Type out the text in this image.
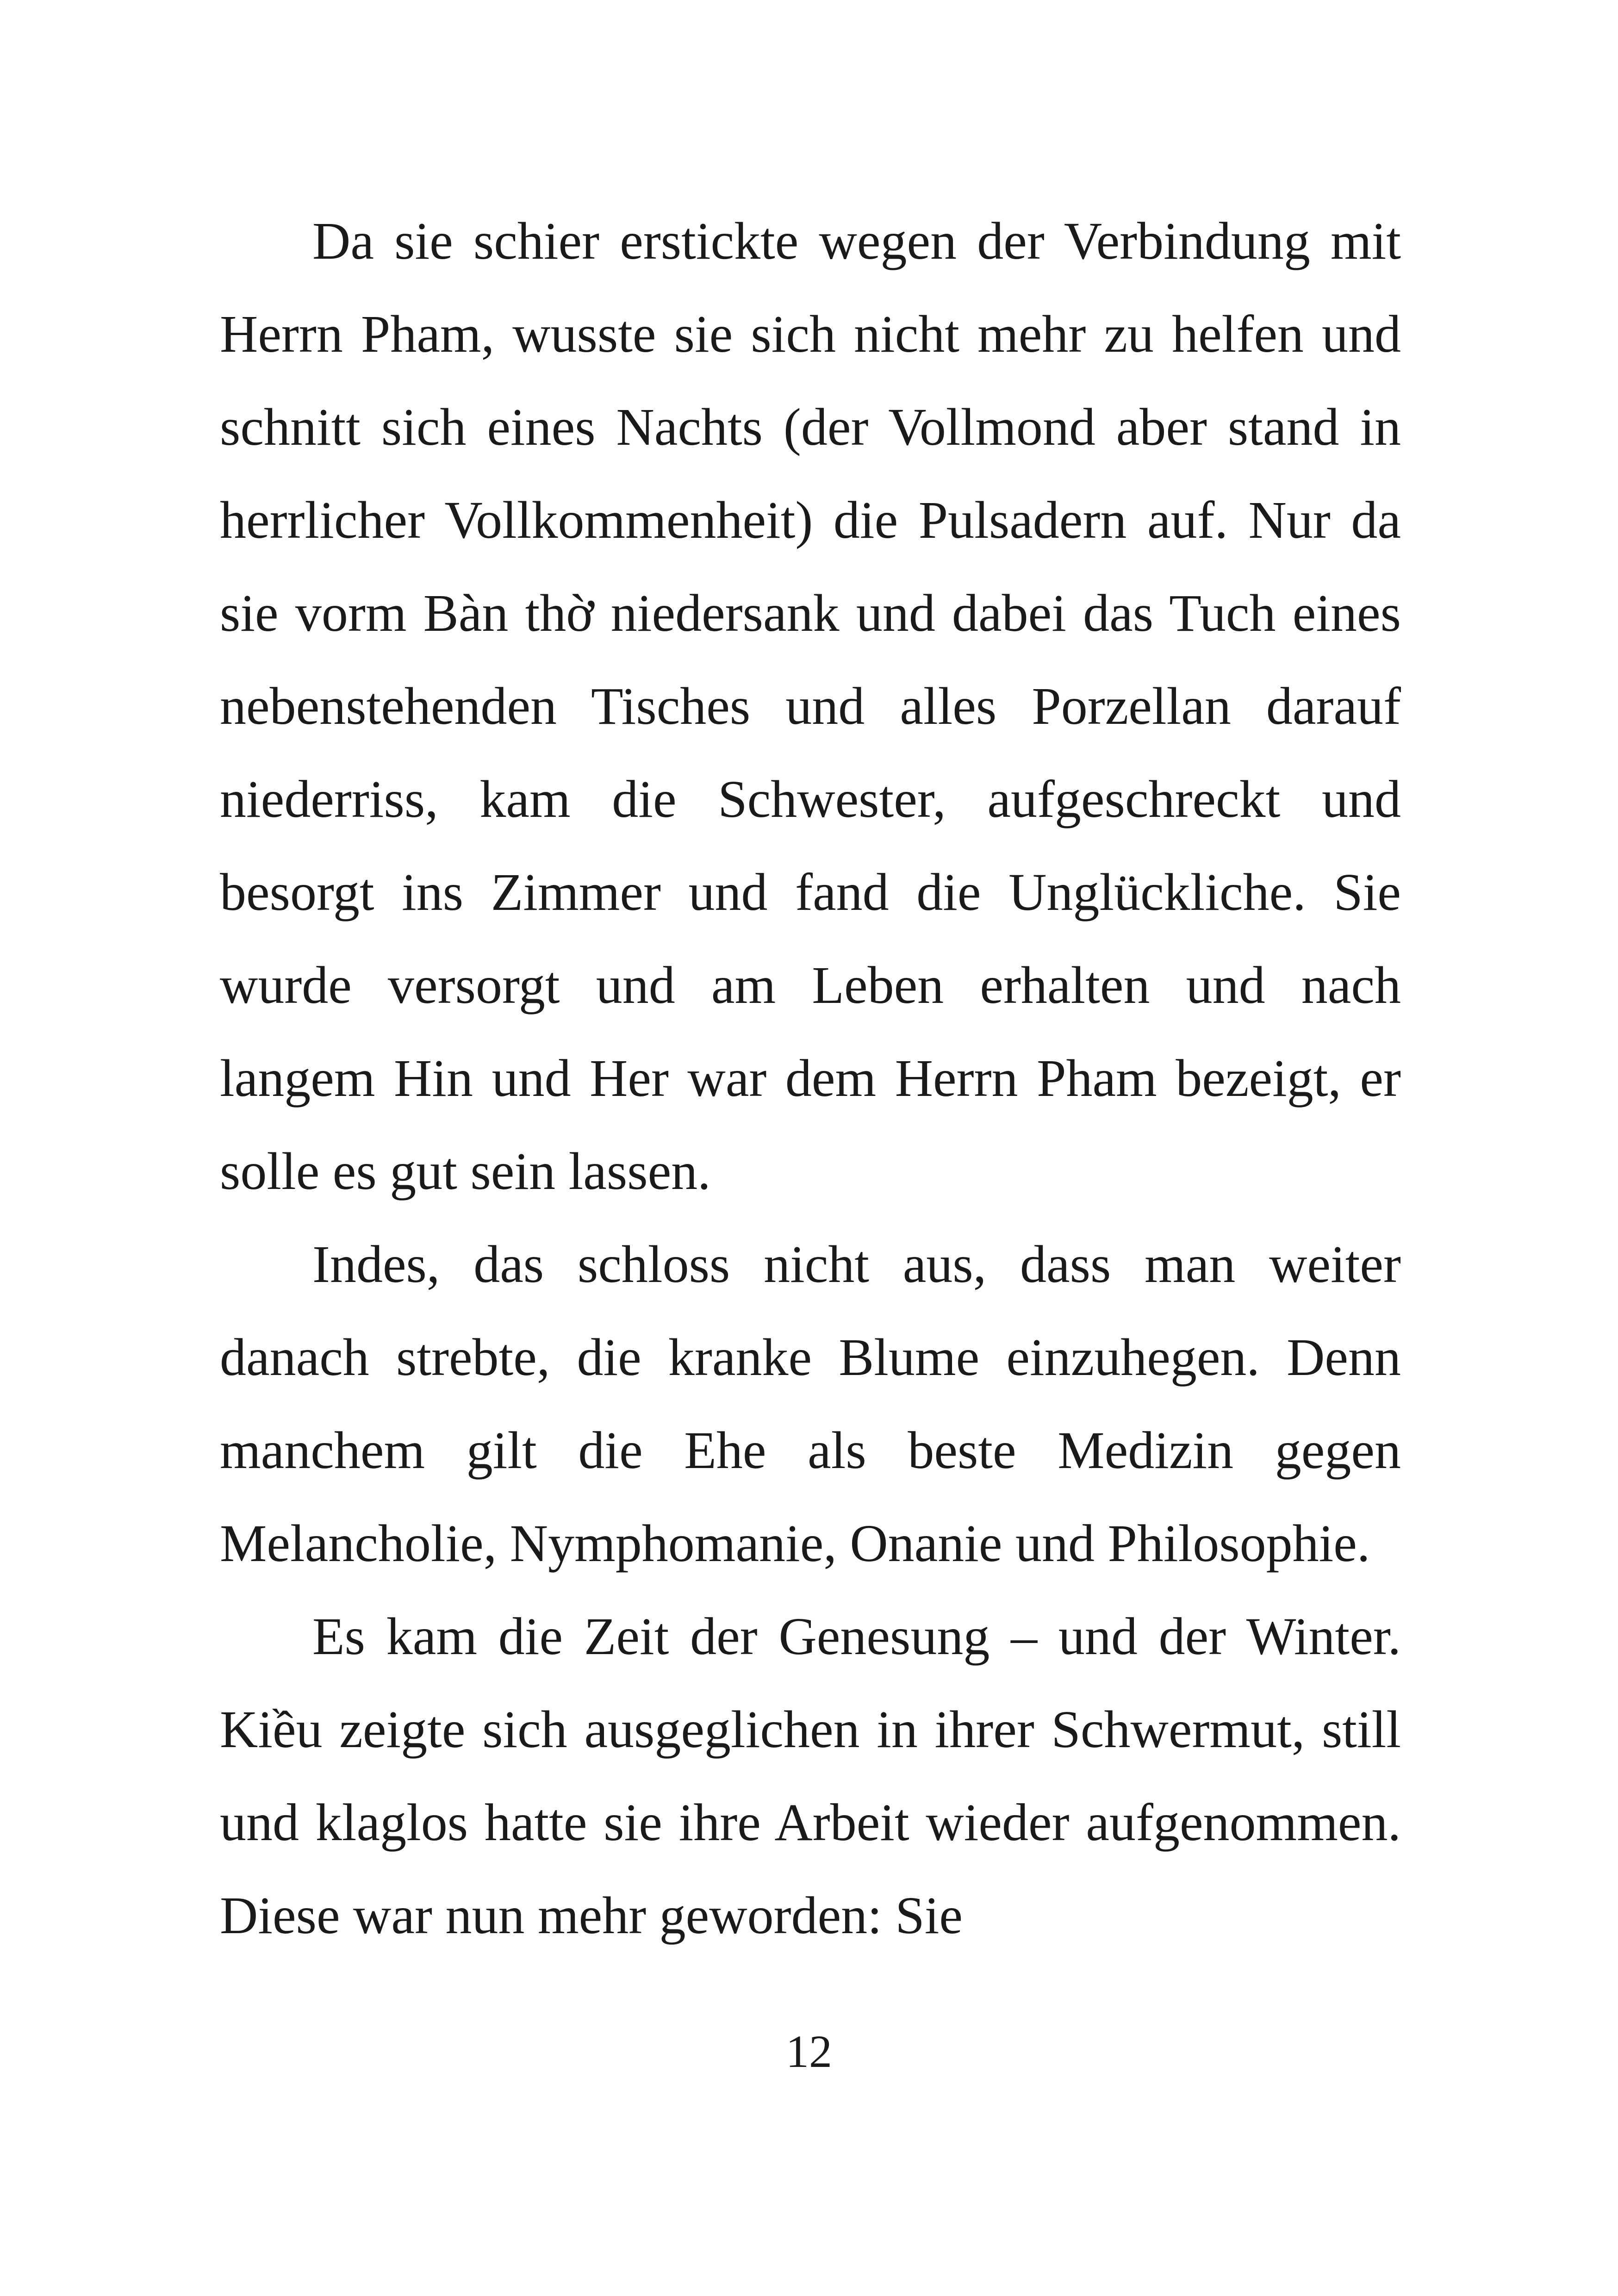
Da sie schier erstickte wegen der Verbindung mit Herrn Pham, wusste sie sich nicht mehr zu helfen und schnitt sich eines Nachts (der Vollmond aber stand in herrlicher Vollkommenheit) die Pulsadern auf. Nur da sie vorm Bàn thờ niedersank und dabei das Tuch eines nebenstehenden Tisches und alles Porzellan darauf niederriss, kam die Schwester, aufgeschreckt und besorgt ins Zimmer und fand die Unglückliche. Sie wurde versorgt und am Leben erhalten und nach langem Hin und Her war dem Herrn Pham bezeigt, er solle es gut sein lassen.

Indes, das schloss nicht aus, dass man weiter danach strebte, die kranke Blume einzuhegen. Denn manchem gilt die Ehe als beste Medizin gegen Melancholie, Nymphomanie, Onanie und Philosophie.

Es kam die Zeit der Genesung – und der Winter. Kiều zeigte sich ausgeglichen in ihrer Schwermut, still und klaglos hatte sie ihre Arbeit wieder aufgenommen. Diese war nun mehr geworden: Sie

12
